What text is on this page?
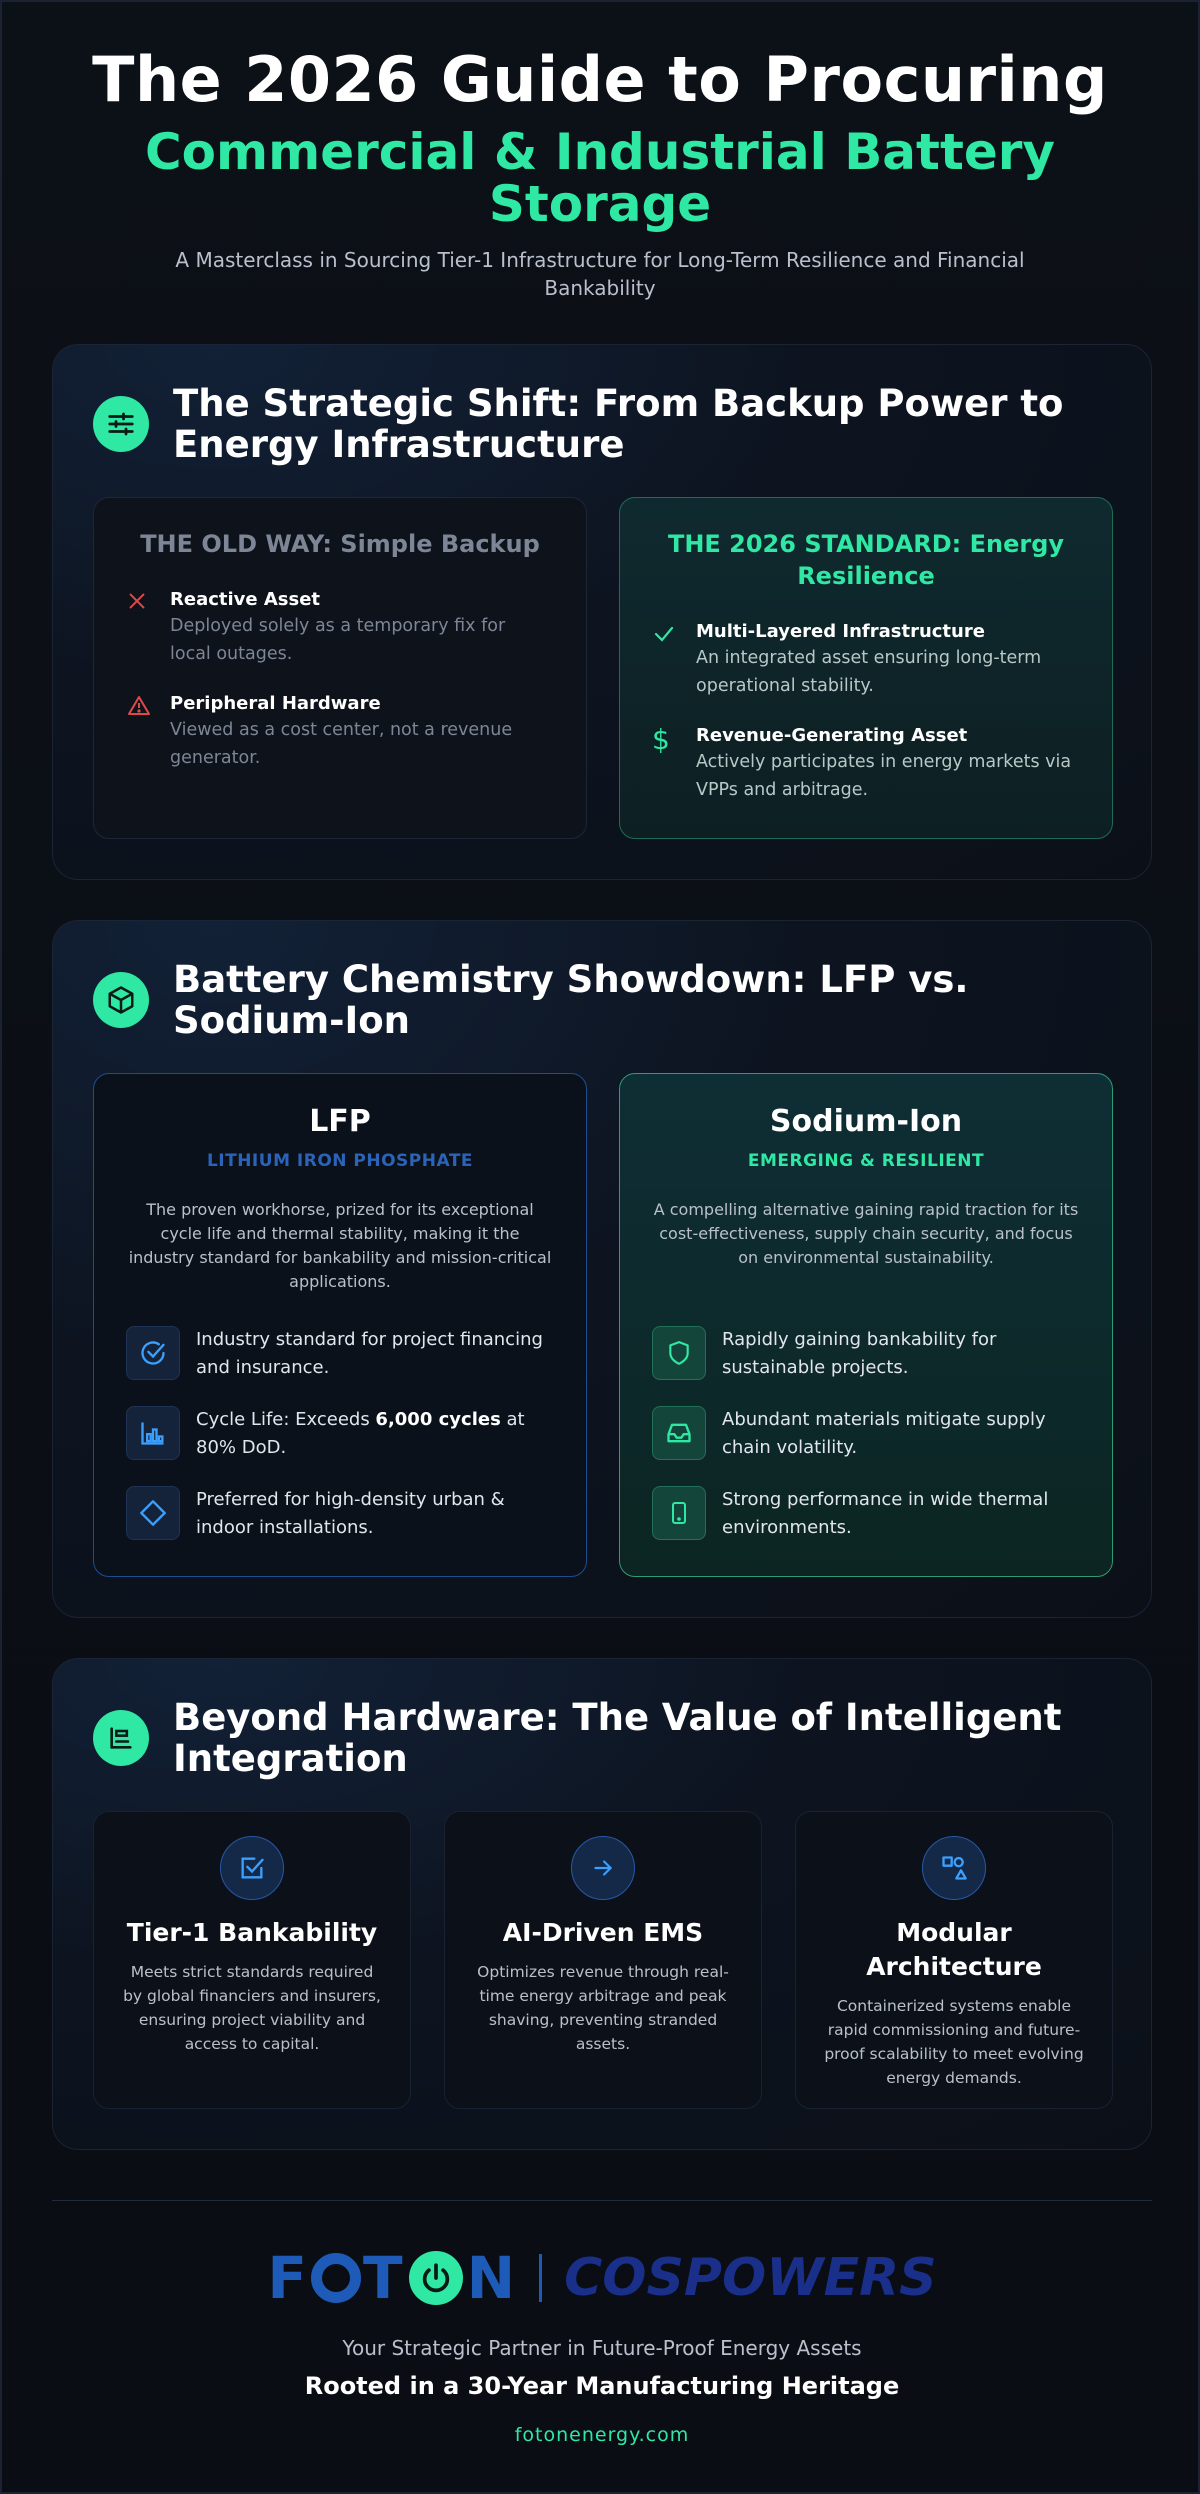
The 2026 Guide to Procuring
Commercial & Industrial Battery Storage

A Masterclass in Sourcing Tier-1 Infrastructure for Long-Term Resilience and Financial Bankability

The Strategic Shift: From Backup Power to Energy Infrastructure
THE OLD WAY: Simple Backup
Reactive Asset
Deployed solely as a temporary fix for local outages.
Peripheral Hardware
Viewed as a cost center, not a revenue generator.
THE 2026 STANDARD: Energy Resilience
Multi-Layered Infrastructure
An integrated asset ensuring long-term operational stability.
$	Revenue-Generating Asset
Actively participates in energy markets via VPPs and arbitrage.
Battery Chemistry Showdown: LFP vs. Sodium-Ion
LFP
LITHIUM IRON PHOSPHATE
The proven workhorse, prized for its exceptional cycle life and thermal stability, making it the industry standard for bankability and mission-critical applications.
Industry standard for project financing and insurance.
Cycle Life: Exceeds 6,000 cycles at 80% DoD.
Preferred for high-density urban & indoor installations.
Sodium-Ion
EMERGING & RESILIENT
A compelling alternative gaining rapid traction for its cost-effectiveness, supply chain security, and focus on environmental sustainability.
Rapidly gaining bankability for sustainable projects.
Abundant materials mitigate supply chain volatility.
Strong performance in wide thermal environments.
Beyond Hardware: The Value of Intelligent Integration
Tier-1 Bankability
Meets strict standards required by global financiers and insurers, ensuring project viability and access to capital.
AI-Driven EMS
Optimizes revenue through real-time energy arbitrage and peak shaving, preventing stranded assets.
Modular Architecture
Containerized systems enable rapid commissioning and future-proof scalability to meet evolving energy demands.
F T N COSPOWERS
Your Strategic Partner in Future-Proof Energy Assets
Rooted in a 30-Year Manufacturing Heritage
fotonenergy.com
